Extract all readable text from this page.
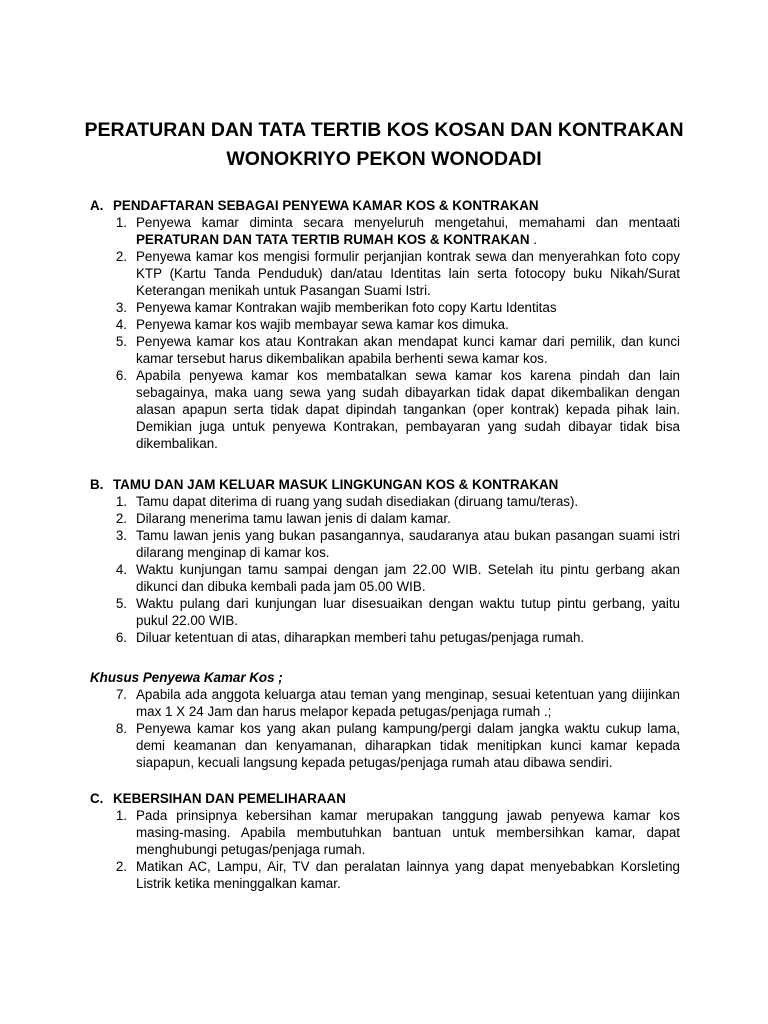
PERATURAN DAN TATA TERTIB KOS KOSAN DAN KONTRAKAN
WONOKRIYO PEKON WONODADI
A. PENDAFTARAN SEBAGAI PENYEWA KAMAR KOS & KONTRAKAN
1. Penyewa kamar diminta secara menyeluruh mengetahui, memahami dan mentaati PERATURAN DAN TATA TERTIB RUMAH KOS & KONTRAKAN .
2. Penyewa kamar kos mengisi formulir perjanjian kontrak sewa dan menyerahkan foto copy KTP (Kartu Tanda Penduduk) dan/atau Identitas lain serta fotocopy buku Nikah/Surat Keterangan menikah untuk Pasangan Suami Istri.
3. Penyewa kamar Kontrakan wajib memberikan foto copy Kartu Identitas
4. Penyewa kamar kos wajib membayar sewa kamar kos dimuka.
5. Penyewa kamar kos atau Kontrakan akan mendapat kunci kamar dari pemilik, dan kunci kamar tersebut harus dikembalikan apabila berhenti sewa kamar kos.
6. Apabila penyewa kamar kos membatalkan sewa kamar kos karena pindah dan lain sebagainya, maka uang sewa yang sudah dibayarkan tidak dapat dikembalikan dengan alasan apapun serta tidak dapat dipindah tangankan (oper kontrak) kepada pihak lain. Demikian juga untuk penyewa Kontrakan, pembayaran yang sudah dibayar tidak bisa dikembalikan.
B. TAMU DAN JAM KELUAR MASUK LINGKUNGAN KOS & KONTRAKAN
1. Tamu dapat diterima di ruang yang sudah disediakan (diruang tamu/teras).
2. Dilarang menerima tamu lawan jenis di dalam kamar.
3. Tamu lawan jenis yang bukan pasangannya, saudaranya atau bukan pasangan suami istri dilarang menginap di kamar kos.
4. Waktu kunjungan tamu sampai dengan jam 22.00 WIB. Setelah itu pintu gerbang akan dikunci dan dibuka kembali pada jam 05.00 WIB.
5. Waktu pulang dari kunjungan luar disesuaikan dengan waktu tutup pintu gerbang, yaitu pukul 22.00 WIB.
6. Diluar ketentuan di atas, diharapkan memberi tahu petugas/penjaga rumah.
Khusus Penyewa Kamar Kos ;
7. Apabila ada anggota keluarga atau teman yang menginap, sesuai ketentuan yang diijinkan max 1 X 24 Jam dan harus melapor kepada petugas/penjaga rumah .;
8. Penyewa kamar kos yang akan pulang kampung/pergi dalam jangka waktu cukup lama, demi keamanan dan kenyamanan, diharapkan tidak menitipkan kunci kamar kepada siapapun, kecuali langsung kepada petugas/penjaga rumah atau dibawa sendiri.
C. KEBERSIHAN DAN PEMELIHARAAN
1. Pada prinsipnya kebersihan kamar merupakan tanggung jawab penyewa kamar kos masing-masing. Apabila membutuhkan bantuan untuk membersihkan kamar, dapat menghubungi petugas/penjaga rumah.
2. Matikan AC, Lampu, Air, TV dan peralatan lainnya yang dapat menyebabkan Korsleting Listrik ketika meninggalkan kamar.
